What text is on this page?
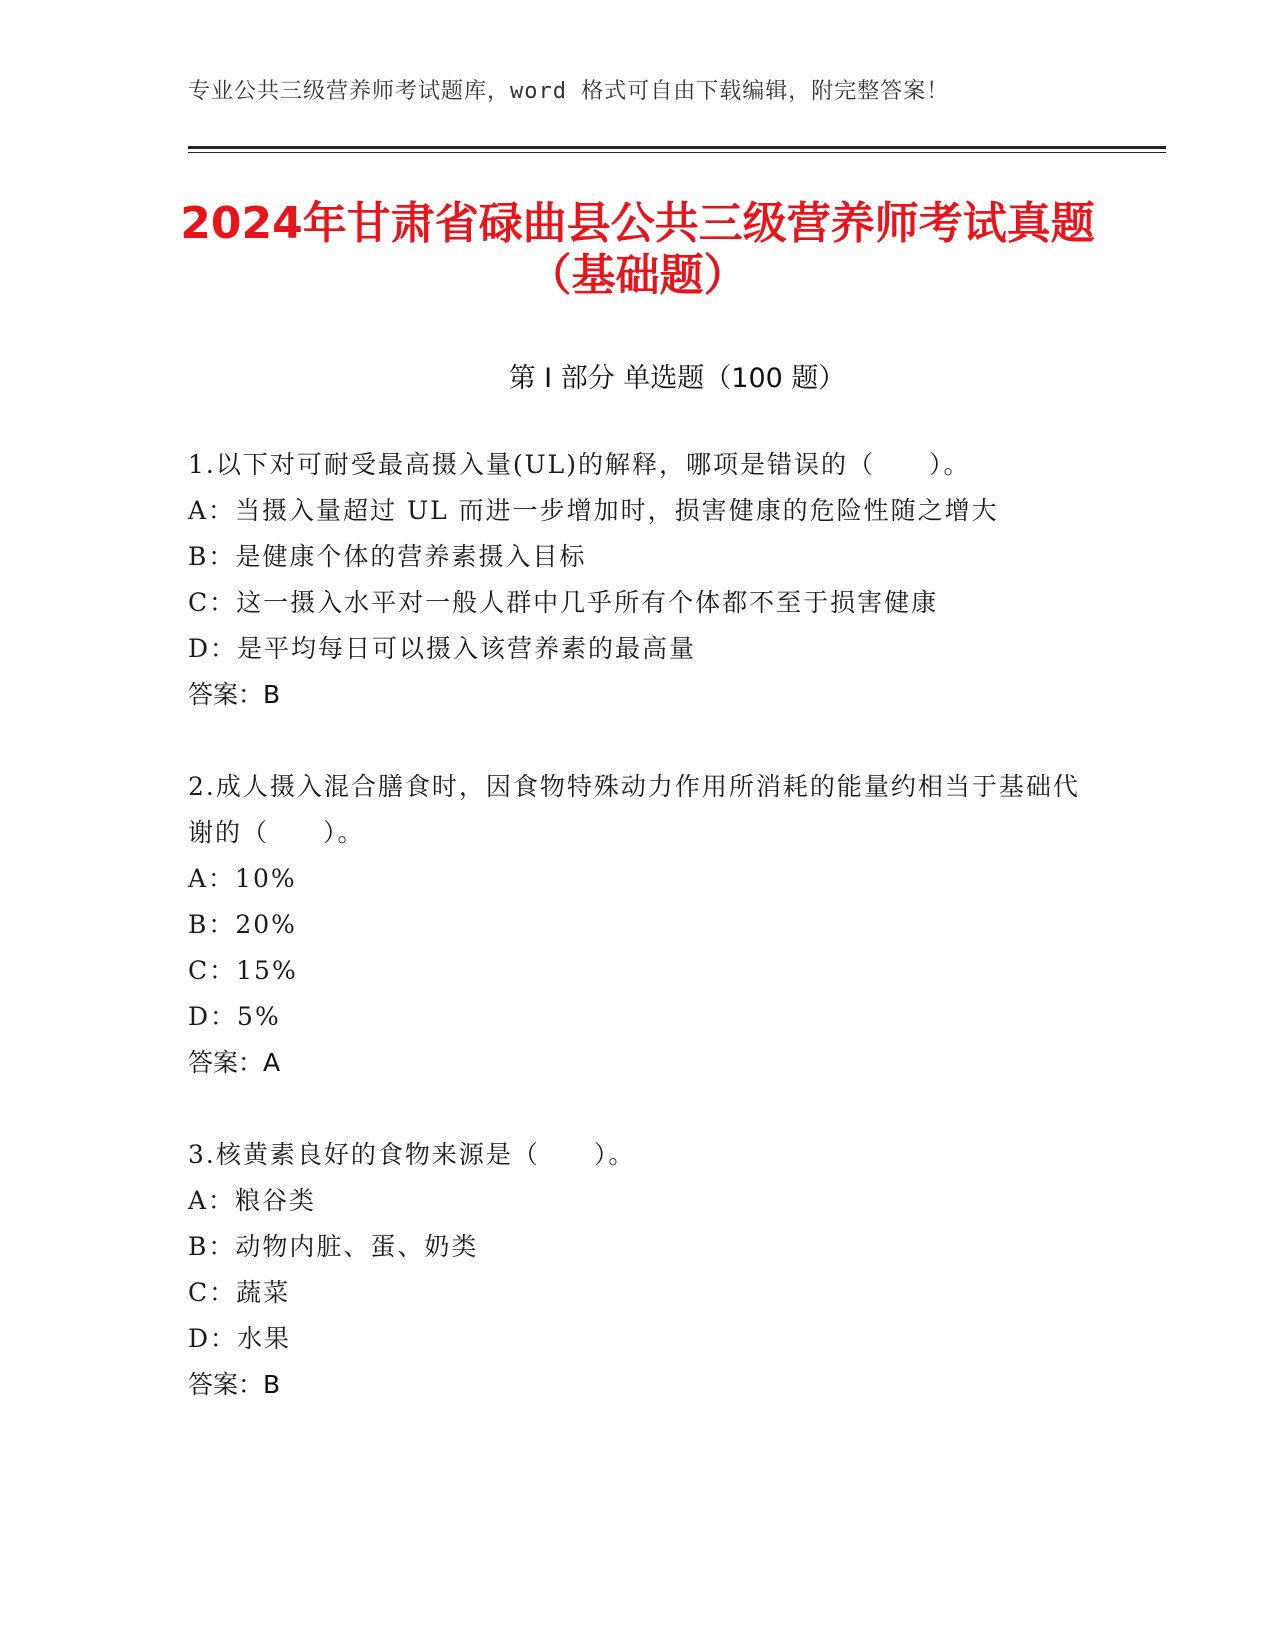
专业公共三级营养师考试题库，word 格式可自由下载编辑，附完整答案！
2024年甘肃省碌曲县公共三级营养师考试真题（基础题）
第 I 部分 单选题（100 题）
1.以下对可耐受最高摄入量(UL)的解释，哪项是错误的（　　）。
A：当摄入量超过 UL 而进一步增加时，损害健康的危险性随之增大
B：是健康个体的营养素摄入目标
C：这一摄入水平对一般人群中几乎所有个体都不至于损害健康
D：是平均每日可以摄入该营养素的最高量
答案：B
2.成人摄入混合膳食时，因食物特殊动力作用所消耗的能量约相当于基础代谢的（　　）。
A：10%
B：20%
C：15%
D：5%
答案：A
3.核黄素良好的食物来源是（　　）。
A：粮谷类
B：动物内脏、蛋、奶类
C：蔬菜
D：水果
答案：B
